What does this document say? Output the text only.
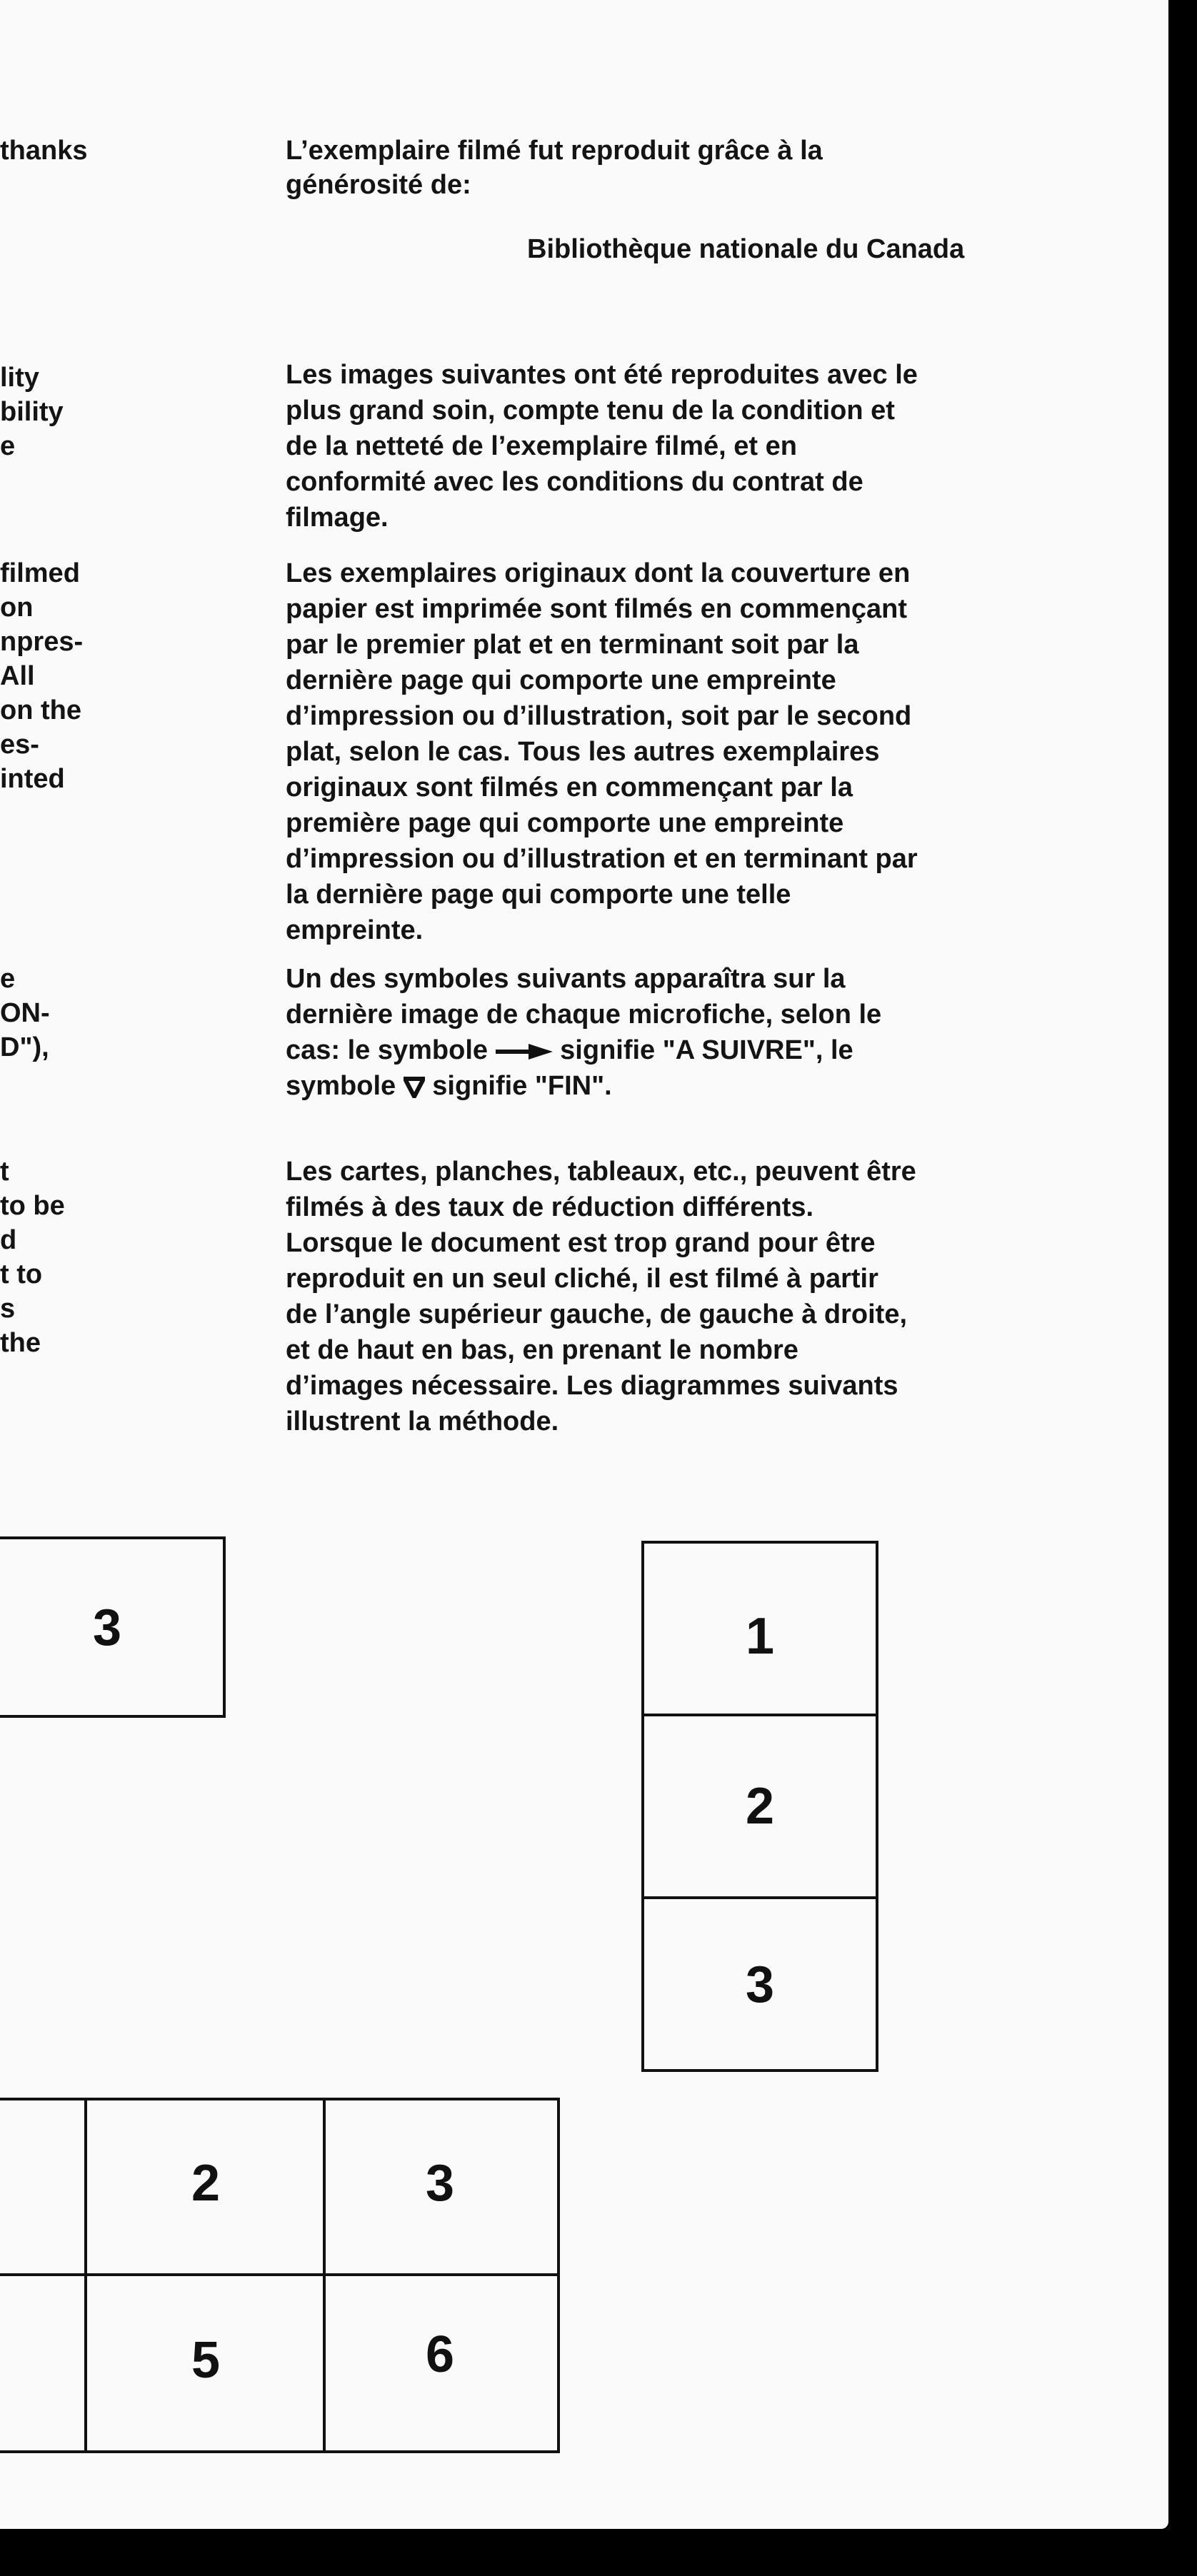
thanks
lity
bility
e
filmed
on
npres-
All
on the
es-
inted
e
ON-
D"),
t
to be
d
t to
s
the
L’exemplaire filmé fut reproduit grâce à la
générosité de:
Bibliothèque nationale du Canada
Les images suivantes ont été reproduites avec le
plus grand soin, compte tenu de la condition et
de la netteté de l’exemplaire filmé, et en
conformité avec les conditions du contrat de
filmage.
Les exemplaires originaux dont la couverture en
papier est imprimée sont filmés en commençant
par le premier plat et en terminant soit par la
dernière page qui comporte une empreinte
d’impression ou d’illustration, soit par le second
plat, selon le cas. Tous les autres exemplaires
originaux sont filmés en commençant par la
première page qui comporte une empreinte
d’impression ou d’illustration et en terminant par
la dernière page qui comporte une telle
empreinte.
Un des symboles suivants apparaîtra sur la
dernière image de chaque microfiche, selon le
cas: le symbole	signifie "A SUIVRE", le
symbole signifie "FIN".
Les cartes, planches, tableaux, etc., peuvent être
filmés à des taux de réduction différents.
Lorsque le document est trop grand pour être
reproduit en un seul cliché, il est filmé à partir
de l’angle supérieur gauche, de gauche à droite,
et de haut en bas, en prenant le nombre
d’images nécessaire. Les diagrammes suivants
illustrent la méthode.
3	1
2
3
2	3
5	6
